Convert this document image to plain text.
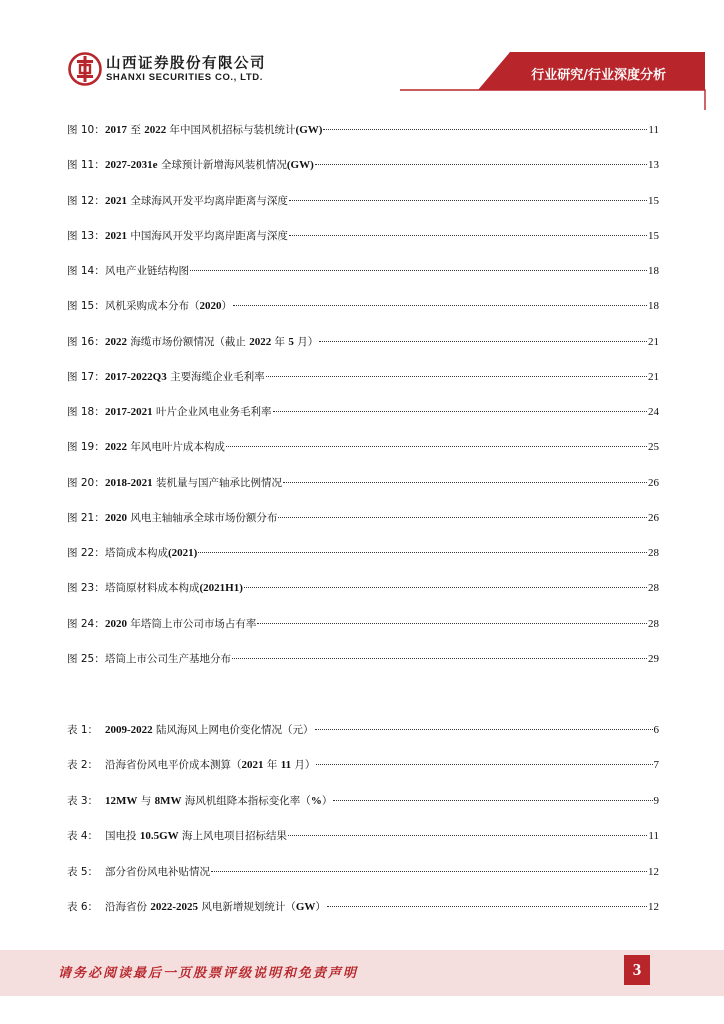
山西证券股份有限公司
SHANXI SECURITIES CO., LTD.	行业研究/行业深度分析
图 10： 2017 至 2022 年中国风机招标与装机统计(GW)	11
图 11： 2027-2031e 全球预计新增海风装机情况(GW)	13
图 12： 2021 全球海风开发平均离岸距离与深度	15
图 13： 2021 中国海风开发平均离岸距离与深度	15
图 14： 风电产业链结构图	18
图 15： 风机采购成本分布（2020）	18
图 16： 2022 海缆市场份额情况（截止 2022 年 5 月）	21
图 17： 2017-2022Q3 主要海缆企业毛利率	21
图 18： 2017-2021 叶片企业风电业务毛利率	24
图 19： 2022 年风电叶片成本构成	25
图 20： 2018-2021 装机量与国产轴承比例情况	26
图 21： 2020 风电主轴轴承全球市场份额分布	26
图 22： 塔筒成本构成(2021)	28
图 23： 塔筒原材料成本构成(2021H1)	28
图 24： 2020 年塔筒上市公司市场占有率	28
图 25： 塔筒上市公司生产基地分布	29
表 1： 2009-2022 陆风海风上网电价变化情况（元）	6
表 2： 沿海省份风电平价成本测算（2021 年 11 月）	7
表 3： 12MW 与 8MW 海风机组降本指标变化率（%）	9
表 4： 国电投 10.5GW 海上风电项目招标结果	11
表 5： 部分省份风电补贴情况	12
表 6： 沿海省份 2022-2025 风电新增规划统计（GW）	12
请务必阅读最后一页股票评级说明和免责声明	3
